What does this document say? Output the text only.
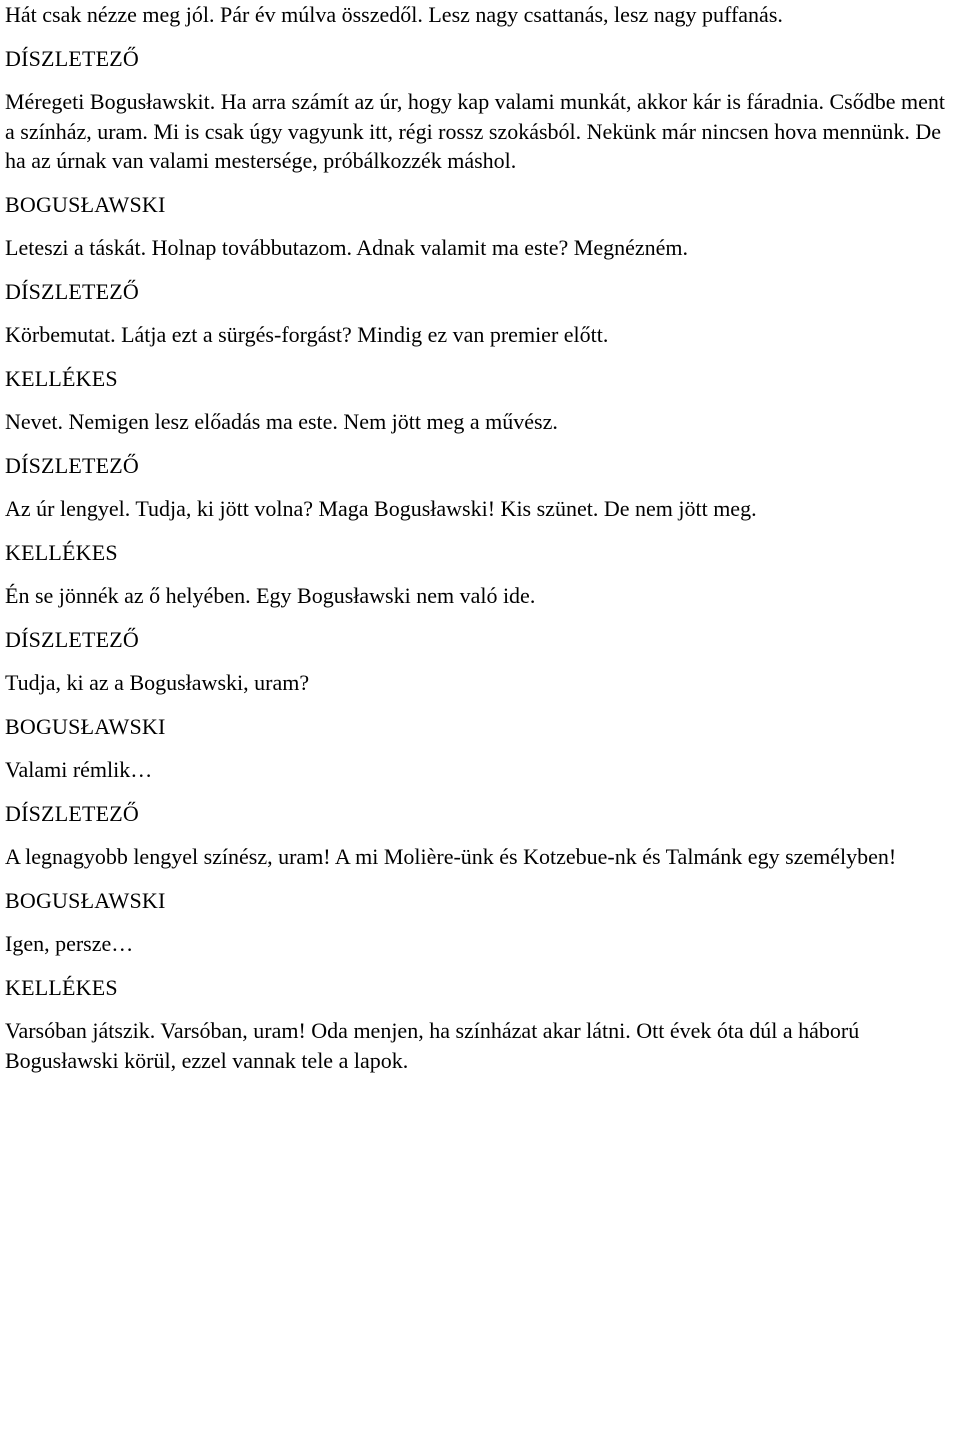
Hát csak nézze meg jól. Pár év múlva összedől. Lesz nagy csattanás, lesz nagy puffanás.

DÍSZLETEZŐ

Méregeti Bogusławskit. Ha arra számít az úr, hogy kap valami munkát, akkor kár is fáradnia. Csődbe ment a színház, uram. Mi is csak úgy vagyunk itt, régi rossz szokásból. Nekünk már nincsen hova mennünk. De ha az úrnak van valami mestersége, próbálkozzék máshol.

BOGUSŁAWSKI

Leteszi a táskát. Holnap továbbutazom. Adnak valamit ma este? Megnézném.

DÍSZLETEZŐ

Körbemutat. Látja ezt a sürgés-forgást? Mindig ez van premier előtt.

KELLÉKES

Nevet. Nemigen lesz előadás ma este. Nem jött meg a művész.

DÍSZLETEZŐ

Az úr lengyel. Tudja, ki jött volna? Maga Bogusławski! Kis szünet. De nem jött meg.

KELLÉKES

Én se jönnék az ő helyében. Egy Bogusławski nem való ide.

DÍSZLETEZŐ

Tudja, ki az a Bogusławski, uram?

BOGUSŁAWSKI

Valami rémlik…

DÍSZLETEZŐ

A legnagyobb lengyel színész, uram! A mi Molière-ünk és Kotzebue-nk és Talmánk egy személyben!

BOGUSŁAWSKI

Igen, persze…

KELLÉKES

Varsóban játszik. Varsóban, uram! Oda menjen, ha színházat akar látni. Ott évek óta dúl a háború Bogusławski körül, ezzel vannak tele a lapok.
